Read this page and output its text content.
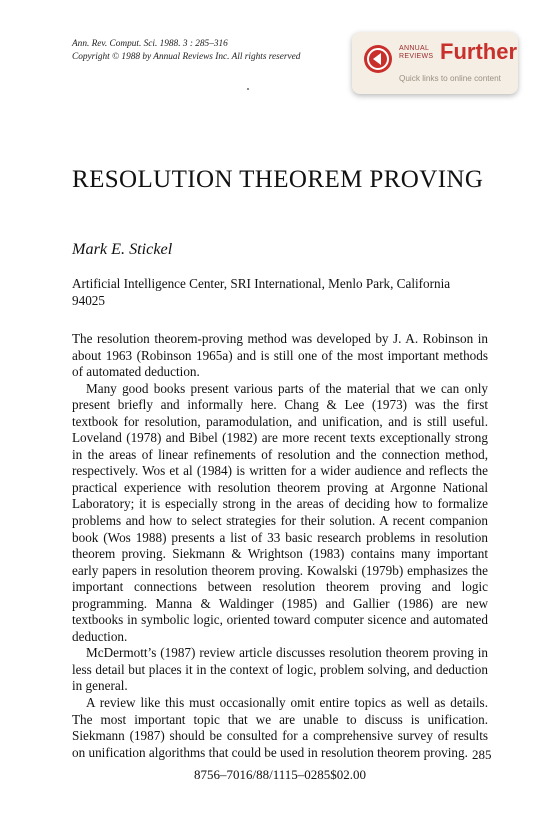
Ann. Rev. Comput. Sci. 1988. 3 : 285–316
Copyright © 1988 by Annual Reviews Inc. All rights reserved
ANNUAL
REVIEWS Further
Quick links to online content
RESOLUTION THEOREM PROVING
Mark E. Stickel
Artificial Intelligence Center, SRI International, Menlo Park, California 94025

The resolution theorem-proving method was developed by J. A. Robinson in about 1963 (Robinson 1965a) and is still one of the most important methods of automated deduction.

Many good books present various parts of the material that we can only present briefly and informally here. Chang & Lee (1973) was the first textbook for resolution, paramodulation, and unification, and is still useful. Loveland (1978) and Bibel (1982) are more recent texts exceptionally strong in the areas of linear refinements of resolution and the connection method, respectively. Wos et al (1984) is written for a wider audience and reflects the practical experience with resolution theorem proving at Argonne National Laboratory; it is especially strong in the areas of deciding how to formalize problems and how to select strategies for their solution. A recent companion book (Wos 1988) presents a list of 33 basic research problems in resolution theorem proving. Siekmann & Wrightson (1983) contains many important early papers in resolution theorem proving. Kowalski (1979b) emphasizes the important connections between resolution theorem proving and logic programming. Manna & Waldinger (1985) and Gallier (1986) are new textbooks in symbolic logic, oriented toward computer sicence and automated deduction.

McDermott’s (1987) review article discusses resolution theorem proving in less detail but places it in the context of logic, problem solving, and deduction in general.

A review like this must occasionally omit entire topics as well as details. The most important topic that we are unable to discuss is unification. Siekmann (1987) should be consulted for a comprehensive survey of results on unification algorithms that could be used in resolution theorem proving. 285
8756–7016/88/1115–0285$02.00
